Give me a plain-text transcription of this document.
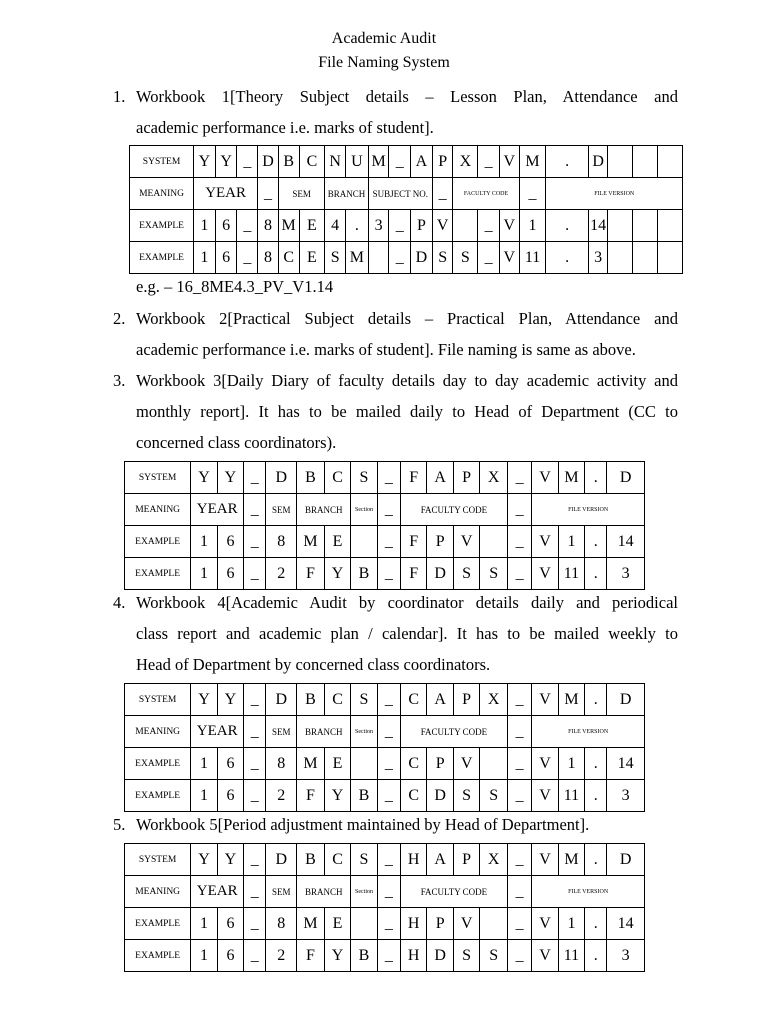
Academic Audit
File Naming System
1. Workbook 1[Theory Subject details – Lesson Plan, Attendance and
academic performance i.e. marks of student].
SYSTEM	Y	Y	_	D	B	C	N	U	M	_	A	P	X	_	V	M	.	D			
MEANING	YEAR			_	SEM		BRANCH		SUBJECT NO.			_	FACULTY CODE			_	FILE VERSION				
EXAMPLE	1	6	_	8	M	E	4	.	3	_	P	V		_	V	1	.	14			
EXAMPLE	1	6	_	8	C	E	S	M		_	D	S	S	_	V	11	.	3			
e.g. – 16_8ME4.3_PV_V1.14
2. Workbook 2[Practical Subject details – Practical Plan, Attendance and
academic performance i.e. marks of student]. File naming is same as above.
3. Workbook 3[Daily Diary of faculty details day to day academic activity and
monthly report]. It has to be mailed daily to Head of Department (CC to
concerned class coordinators).
SYSTEM	Y	Y	_	D	B	C	S	_	F	A	P	X	_	V	M	.	D
MEANING	YEAR		_	SEM	BRANCH		Section	_	FACULTY CODE				_	FILE VERSION			
EXAMPLE	1	6	_	8	M	E		_	F	P	V		_	V	1	.	14
EXAMPLE	1	6	_	2	F	Y	B	_	F	D	S	S	_	V	11	.	3
4. Workbook 4[Academic Audit by coordinator details daily and periodical
class report and academic plan / calendar]. It has to be mailed weekly to
Head of Department by concerned class coordinators.
SYSTEM	Y	Y	_	D	B	C	S	_	C	A	P	X	_	V	M	.	D
MEANING	YEAR		_	SEM	BRANCH		Section	_	FACULTY CODE				_	FILE VERSION			
EXAMPLE	1	6	_	8	M	E		_	C	P	V		_	V	1	.	14
EXAMPLE	1	6	_	2	F	Y	B	_	C	D	S	S	_	V	11	.	3
5. Workbook 5[Period adjustment maintained by Head of Department].
SYSTEM	Y	Y	_	D	B	C	S	_	H	A	P	X	_	V	M	.	D
MEANING	YEAR		_	SEM	BRANCH		Section	_	FACULTY CODE				_	FILE VERSION			
EXAMPLE	1	6	_	8	M	E		_	H	P	V		_	V	1	.	14
EXAMPLE	1	6	_	2	F	Y	B	_	H	D	S	S	_	V	11	.	3
